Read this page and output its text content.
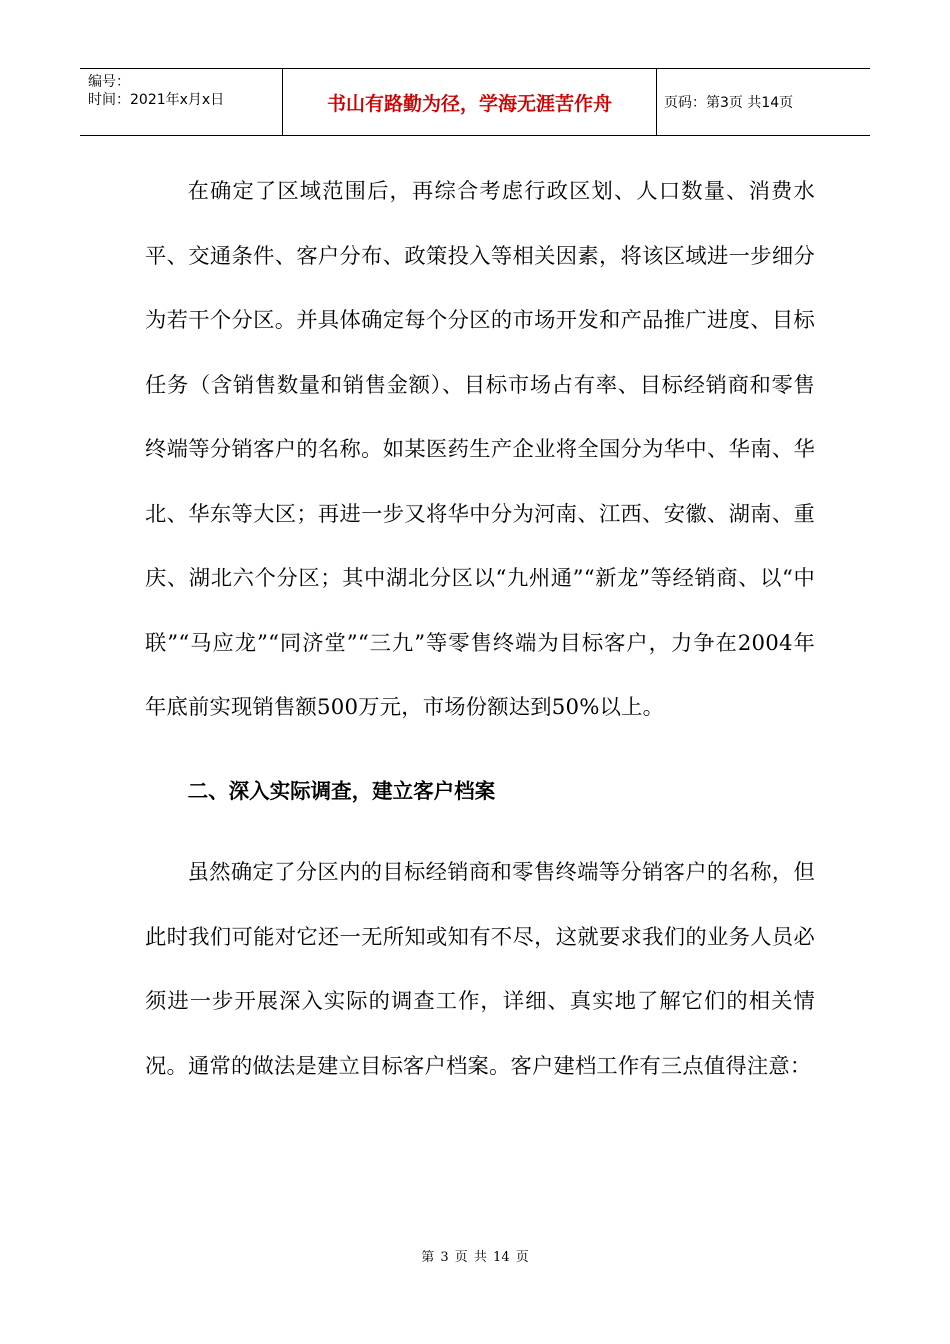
编号：
时间：2021年x月x日	书山有路勤为径，学海无涯苦作舟	页码：第3页 共14页

在确定了区域范围后，再综合考虑行政区划、人口数量、消费水平、交通条件、客户分布、政策投入等相关因素，将该区域进一步细分为若干个分区。并具体确定每个分区的市场开发和产品推广进度、目标任务（含销售数量和销售金额）、目标市场占有率、目标经销商和零售终端等分销客户的名称。如某医药生产企业将全国分为华中、华南、华北、华东等大区；再进一步又将华中分为河南、江西、安徽、湖南、重庆、湖北六个分区；其中湖北分区以“九州通”“新龙”等经销商、以“中联”“马应龙”“同济堂”“三九”等零售终端为目标客户，力争在2004年年底前实现销售额500万元，市场份额达到50%以上。

二、深入实际调查，建立客户档案

虽然确定了分区内的目标经销商和零售终端等分销客户的名称，但此时我们可能对它还一无所知或知有不尽，这就要求我们的业务人员必须进一步开展深入实际的调查工作，详细、真实地了解它们的相关情况。通常的做法是建立目标客户档案。客户建档工作有三点值得注意：

第 3 页 共 14 页
